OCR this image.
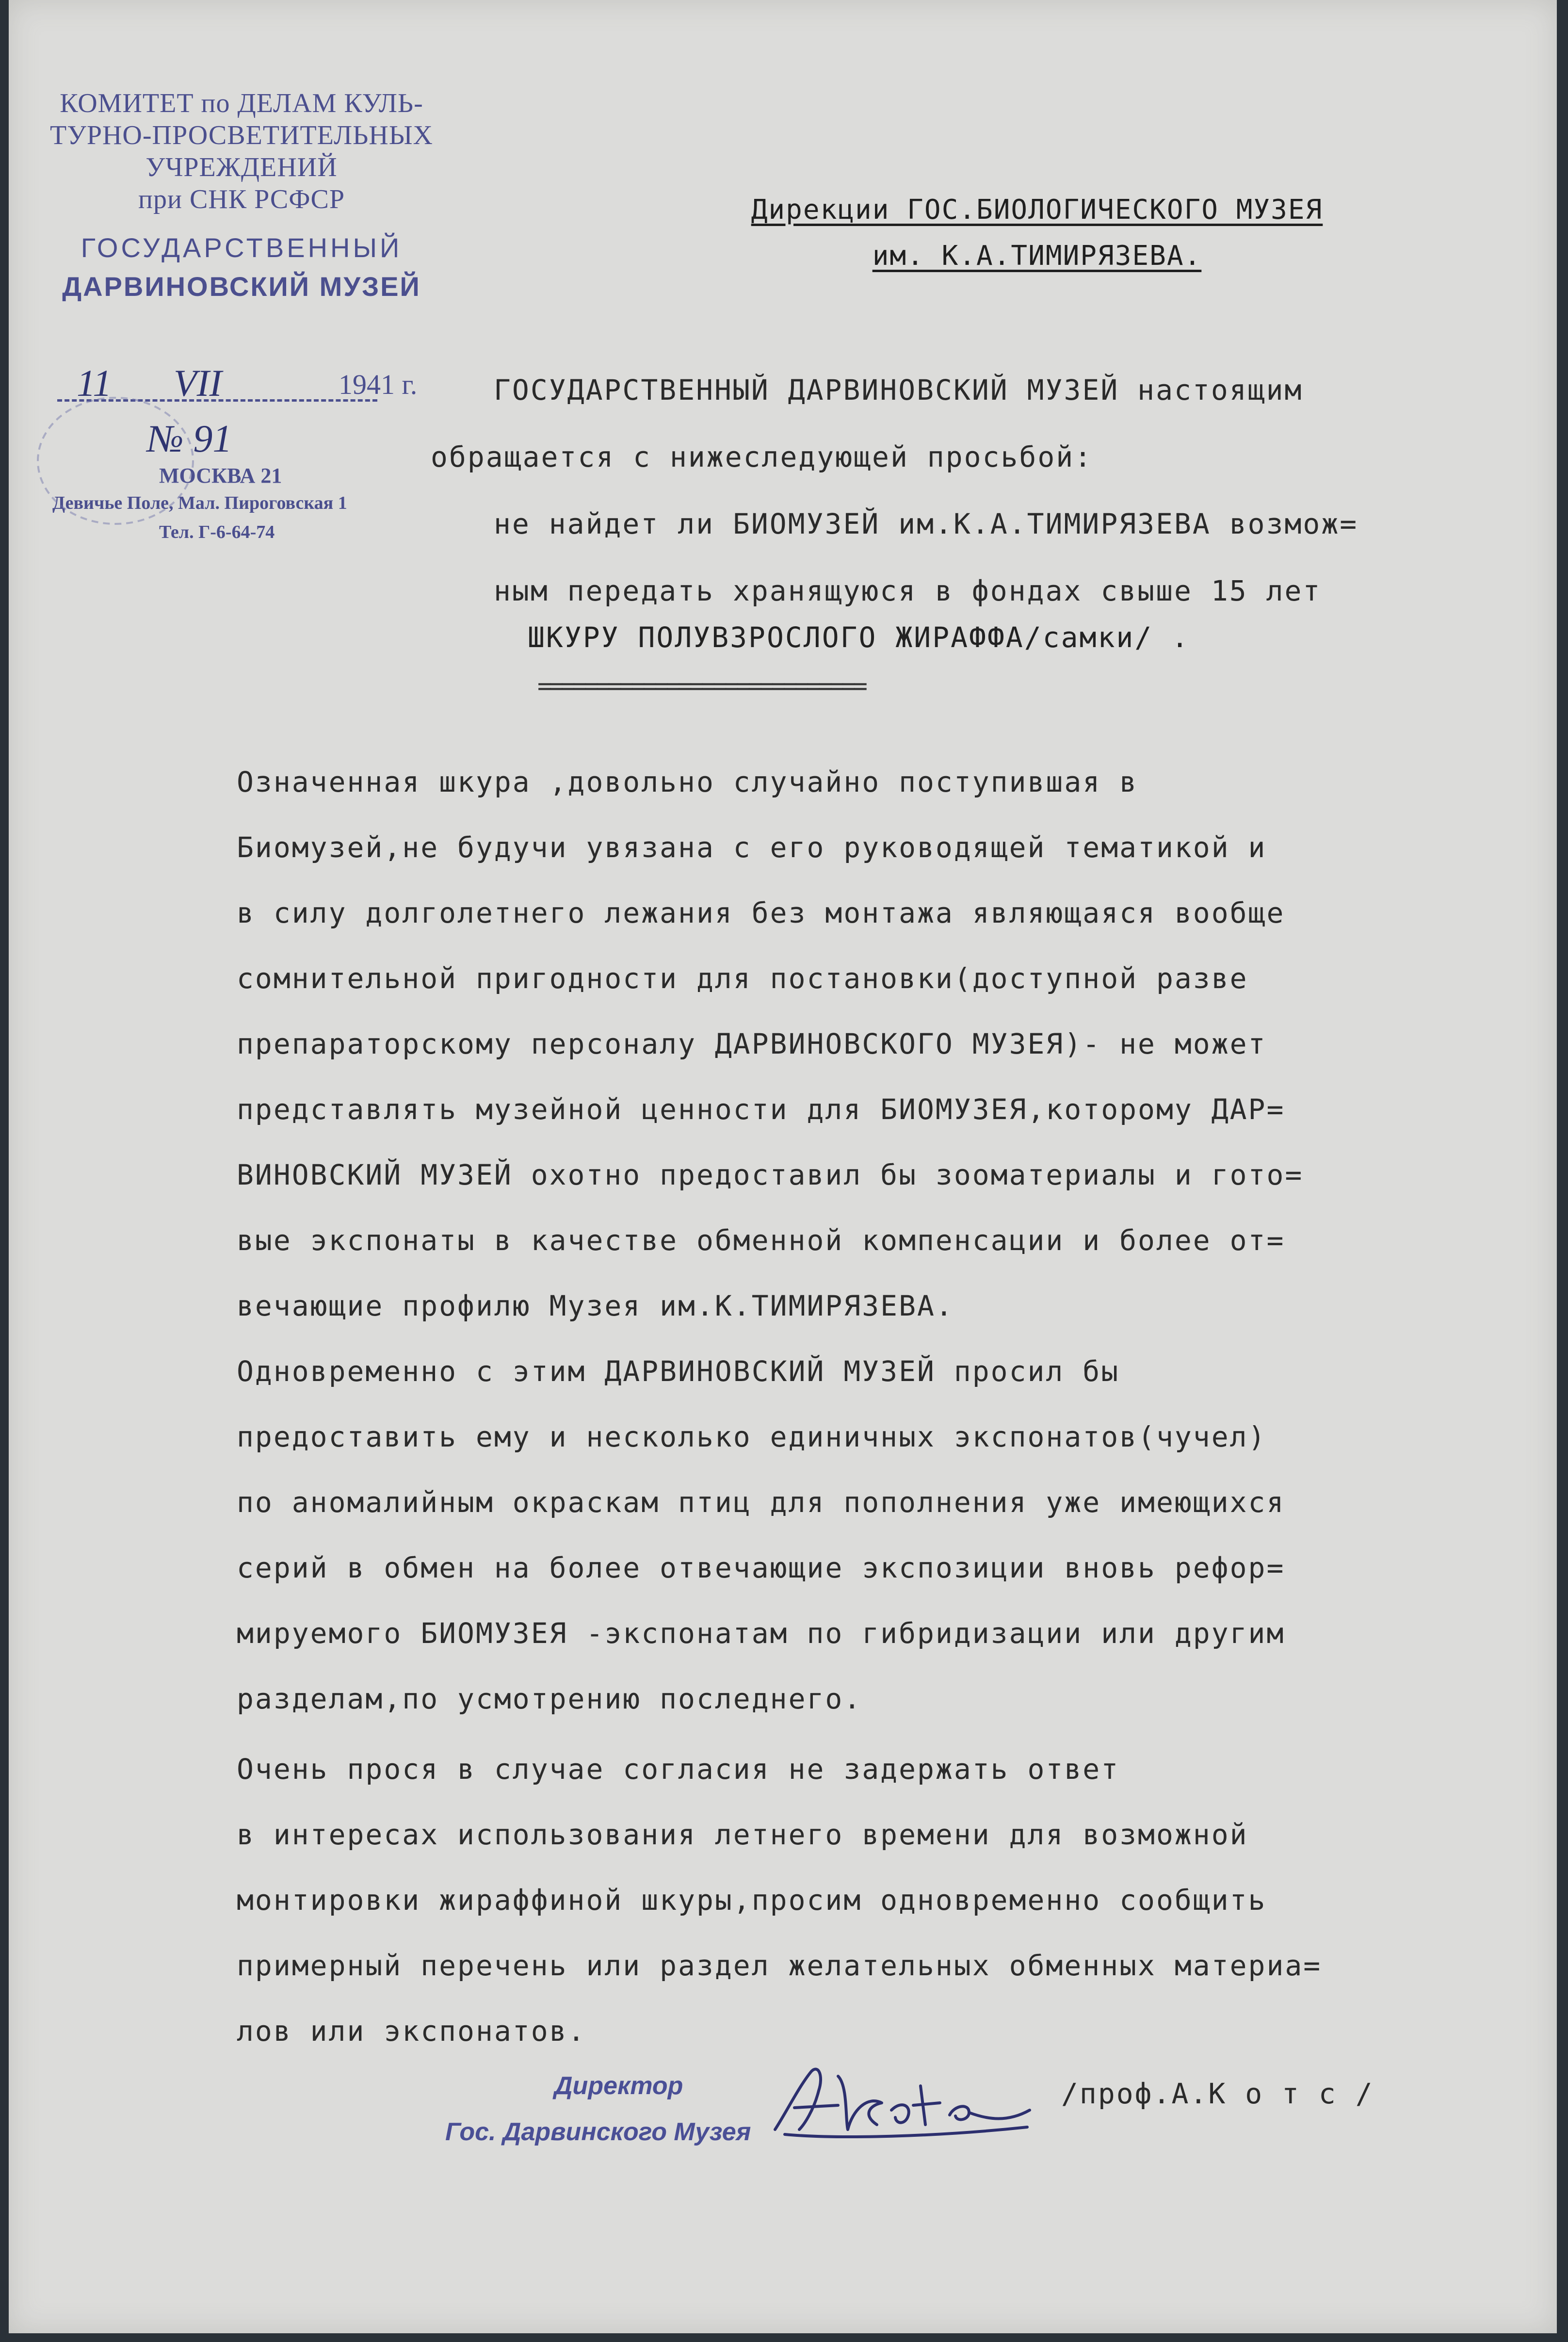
КОМИТЕТ по ДЕЛАМ КУЛЬ-
ТУРНО-ПРОСВЕТИТЕЛЬНЫХ
УЧРЕЖДЕНИЙ
при СНК РСФСР
ГОСУДАРСТВЕННЫЙ
ДАРВИНОВСКИЙ МУЗЕЙ
11 VII	1941 г.
№ 91
МОСКВА 21
Девичье Поле, Мал. Пироговская 1
Тел. Г-6-64-74
Дирекции ГОС.БИОЛОГИЧЕСКОГО МУЗЕЯ
им. К.А.ТИМИРЯЗЕВА.
ГОСУДАРСТВЕННЫЙ ДАРВИНОВСКИЙ МУЗЕЙ настоящим
обращается с нижеследующей просьбой:
не найдет ли БИОМУЗЕЙ им.К.А.ТИМИРЯЗЕВА возмож=
ным передать хранящуюся в фондах свыше 15 лет
ШКУРУ ПОЛУВЗРОСЛОГО ЖИРАФФА/самки/ .
============================
Означенная шкура ,довольно случайно поступившая в
Биомузей,не будучи увязана с его руководящей тематикой и
в силу долголетнего лежания без монтажа являющаяся вообще
сомнительной пригодности для постановки(доступной разве
препараторскому персоналу ДАРВИНОВСКОГО МУЗЕЯ)- не может
представлять музейной ценности для БИОМУЗЕЯ,которому ДАР=
ВИНОВСКИЙ МУЗЕЙ охотно предоставил бы зооматериалы и гото=
вые экспонаты в качестве обменной компенсации и более от=
вечающие профилю Музея им.К.ТИМИРЯЗЕВА.
Одновременно с этим ДАРВИНОВСКИЙ МУЗЕЙ просил бы
предоставить ему и несколько единичных экспонатов(чучел)
по аномалийным окраскам птиц для пополнения уже имеющихся
серий в обмен на более отвечающие экспозиции вновь рефор=
мируемого БИОМУЗЕЯ -экспонатам по гибридизации или другим
разделам,по усмотрению последнего.
Очень прося в случае согласия не задержать ответ
в интересах использования летнего времени для возможной
монтировки жираффиной шкуры,просим одновременно сообщить
примерный перечень или раздел желательных обменных материа=
лов или экспонатов.
Директор
Гос. Дарвинского Музея
/проф.А.К о т с /
